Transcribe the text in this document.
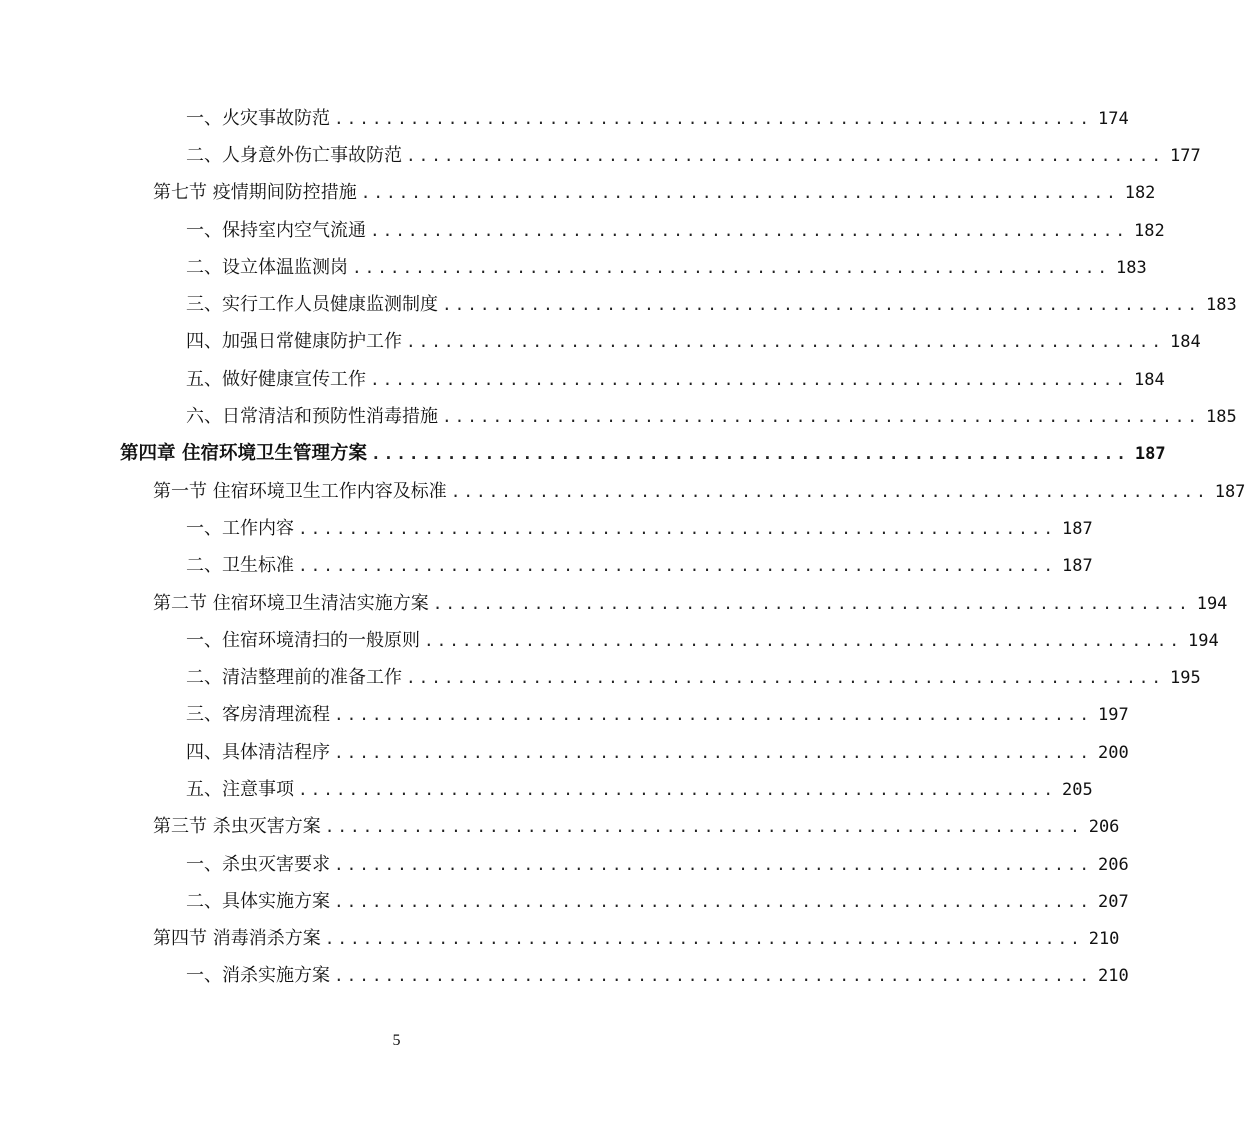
一、火灾事故防范 ............................................................ 174
二、人身意外伤亡事故防范 ............................................................ 177
第七节 疫情期间防控措施 ............................................................ 182
一、保持室内空气流通 ............................................................ 182
二、设立体温监测岗 ............................................................ 183
三、实行工作人员健康监测制度 ............................................................ 183
四、加强日常健康防护工作 ............................................................ 184
五、做好健康宣传工作 ............................................................ 184
六、日常清洁和预防性消毒措施 ............................................................ 185
第四章 住宿环境卫生管理方案 ............................................................ 187
第一节 住宿环境卫生工作内容及标准 ............................................................ 187
一、工作内容 ............................................................ 187
二、卫生标准 ............................................................ 187
第二节 住宿环境卫生清洁实施方案 ............................................................ 194
一、住宿环境清扫的一般原则 ............................................................ 194
二、清洁整理前的准备工作 ............................................................ 195
三、客房清理流程 ............................................................ 197
四、具体清洁程序 ............................................................ 200
五、注意事项 ............................................................ 205
第三节 杀虫灭害方案 ............................................................ 206
一、杀虫灭害要求 ............................................................ 206
二、具体实施方案 ............................................................ 207
第四节 消毒消杀方案 ............................................................ 210
一、消杀实施方案 ............................................................ 210
5
